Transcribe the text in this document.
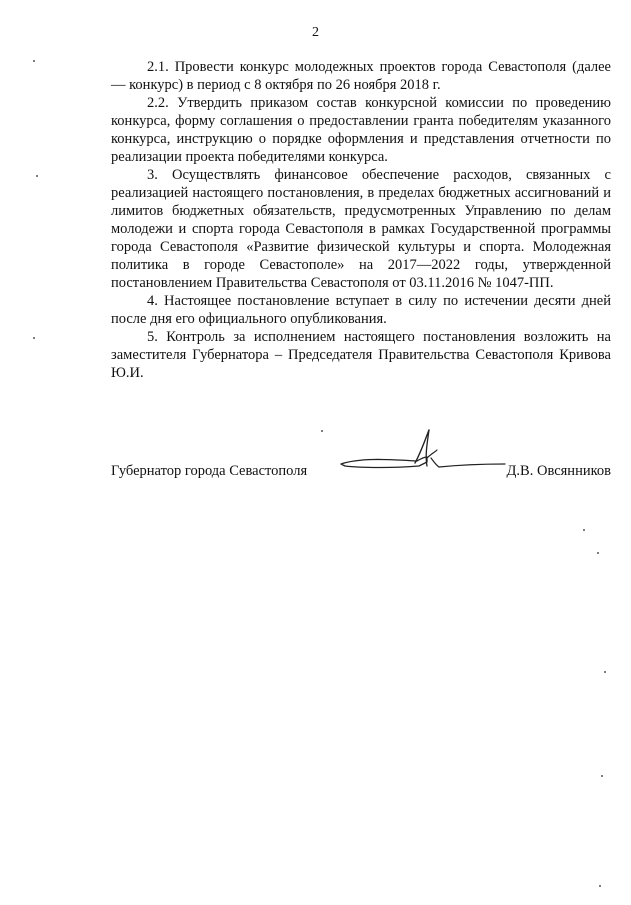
2

2.1. Провести конкурс молодежных проектов города Севастополя (далее — конкурс) в период с 8 октября по 26 ноября 2018 г.

2.2. Утвердить приказом состав конкурсной комиссии по проведению конкурса, форму соглашения о предоставлении гранта победителям указанного конкурса, инструкцию о порядке оформления и представления отчетности по реализации проекта победителями конкурса.

3. Осуществлять финансовое обеспечение расходов, связанных с реализацией настоящего постановления, в пределах бюджетных ассигнований и лимитов бюджетных обязательств, предусмотренных Управлению по делам молодежи и спорта города Севастополя в рамках Государственной программы города Севастополя «Развитие физической культуры и спорта. Молодежная политика в городе Севастополе» на 2017—2022 годы, утвержденной постановлением Правительства Севастополя от 03.11.2016 № 1047-ПП.

4. Настоящее постановление вступает в силу по истечении десяти дней после дня его официального опубликования.

5. Контроль за исполнением настоящего постановления возложить на заместителя Губернатора – Председателя Правительства Севастополя Кривова Ю.И.

Губернатор города Севастополя	Д.В. Овсянников
